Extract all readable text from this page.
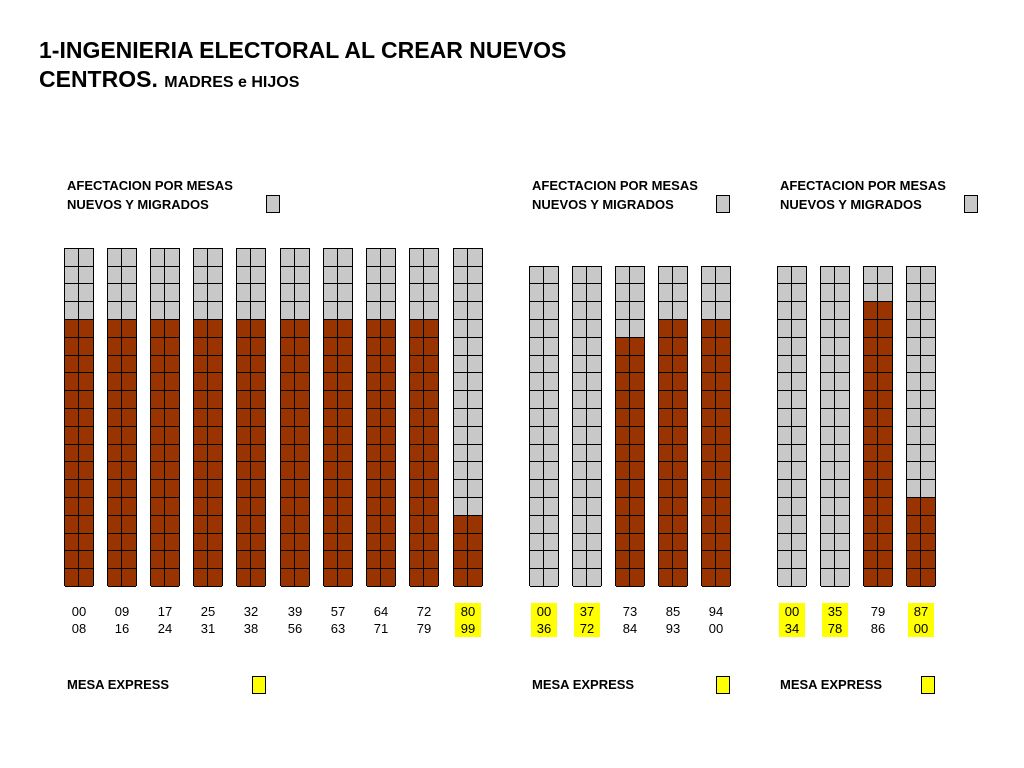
1-INGENIERIA ELECTORAL AL CREAR NUEVOS
CENTROS. MADRES e HIJOS
AFECTACION POR MESAS
NUEVOS Y MIGRADOS
00
08
09
16
17
24
25
31
32
38
39
56
57
63
64
71
72
79
80
99
MESA EXPRESS
AFECTACION POR MESAS
NUEVOS Y MIGRADOS
00
36
37
72
73
84
85
93
94
00
MESA EXPRESS
AFECTACION POR MESAS
NUEVOS Y MIGRADOS
00
34
35
78
79
86
87
00
MESA EXPRESS
